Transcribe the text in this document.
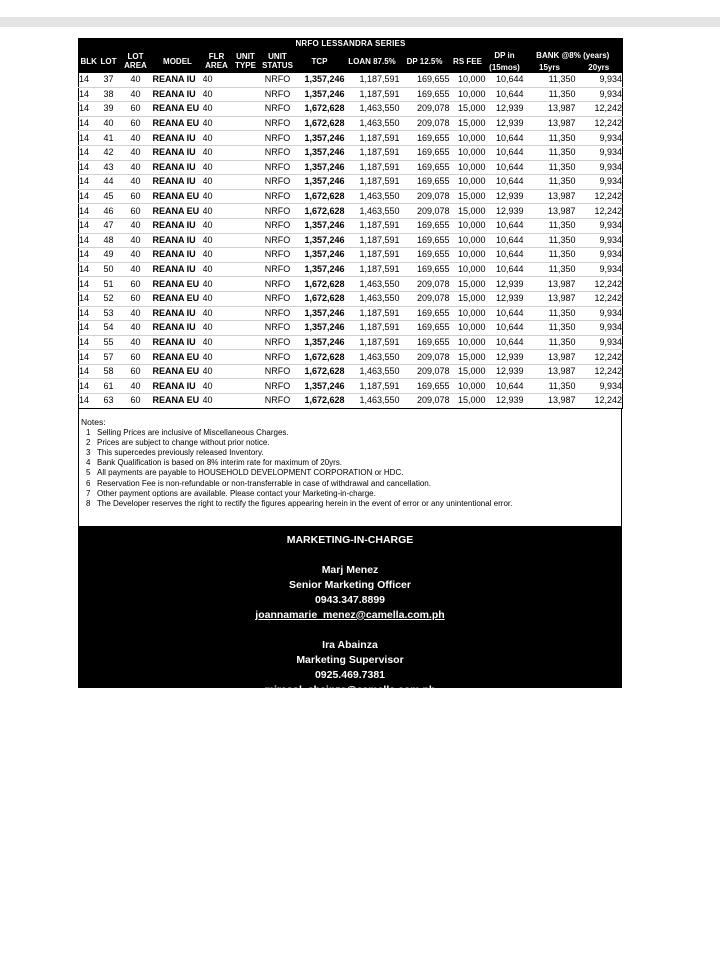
NRFO LESSANDRA SERIES													
BLK	LOT	LOT AREA	MODEL	FLR AREA	UNIT TYPE	UNIT STATUS	TCP	LOAN 87.5%	DP 12.5%	RS FEE	DP in	BANK @8% (years)	
											(15mos)	15yrs	20yrs
14	37	40	REANA IU	40		NRFO	1,357,246	1,187,591	169,655	10,000	10,644	11,350	9,934
14	38	40	REANA IU	40		NRFO	1,357,246	1,187,591	169,655	10,000	10,644	11,350	9,934
14	39	60	REANA EU	40		NRFO	1,672,628	1,463,550	209,078	15,000	12,939	13,987	12,242
14	40	60	REANA EU	40		NRFO	1,672,628	1,463,550	209,078	15,000	12,939	13,987	12,242
14	41	40	REANA IU	40		NRFO	1,357,246	1,187,591	169,655	10,000	10,644	11,350	9,934
14	42	40	REANA IU	40		NRFO	1,357,246	1,187,591	169,655	10,000	10,644	11,350	9,934
14	43	40	REANA IU	40		NRFO	1,357,246	1,187,591	169,655	10,000	10,644	11,350	9,934
14	44	40	REANA IU	40		NRFO	1,357,246	1,187,591	169,655	10,000	10,644	11,350	9,934
14	45	60	REANA EU	40		NRFO	1,672,628	1,463,550	209,078	15,000	12,939	13,987	12,242
14	46	60	REANA EU	40		NRFO	1,672,628	1,463,550	209,078	15,000	12,939	13,987	12,242
14	47	40	REANA IU	40		NRFO	1,357,246	1,187,591	169,655	10,000	10,644	11,350	9,934
14	48	40	REANA IU	40		NRFO	1,357,246	1,187,591	169,655	10,000	10,644	11,350	9,934
14	49	40	REANA IU	40		NRFO	1,357,246	1,187,591	169,655	10,000	10,644	11,350	9,934
14	50	40	REANA IU	40		NRFO	1,357,246	1,187,591	169,655	10,000	10,644	11,350	9,934
14	51	60	REANA EU	40		NRFO	1,672,628	1,463,550	209,078	15,000	12,939	13,987	12,242
14	52	60	REANA EU	40		NRFO	1,672,628	1,463,550	209,078	15,000	12,939	13,987	12,242
14	53	40	REANA IU	40		NRFO	1,357,246	1,187,591	169,655	10,000	10,644	11,350	9,934
14	54	40	REANA IU	40		NRFO	1,357,246	1,187,591	169,655	10,000	10,644	11,350	9,934
14	55	40	REANA IU	40		NRFO	1,357,246	1,187,591	169,655	10,000	10,644	11,350	9,934
14	57	60	REANA EU	40		NRFO	1,672,628	1,463,550	209,078	15,000	12,939	13,987	12,242
14	58	60	REANA EU	40		NRFO	1,672,628	1,463,550	209,078	15,000	12,939	13,987	12,242
14	61	40	REANA IU	40		NRFO	1,357,246	1,187,591	169,655	10,000	10,644	11,350	9,934
14	63	60	REANA EU	40		NRFO	1,672,628	1,463,550	209,078	15,000	12,939	13,987	12,242
Notes:
1 Selling Prices are inclusive of Miscellaneous Charges.
2 Prices are subject to change without prior notice.
3 This supercedes previously released Inventory.
4 Bank Qualification is based on 8% interim rate for maximum of 20yrs.
5 All payments are payable to HOUSEHOLD DEVELOPMENT CORPORATION or HDC.
6 Reservation Fee is non-refundable or non-transferrable in case of withdrawal and cancellation.
7 Other payment options are available. Please contact your Marketing-in-charge.
8 The Developer reserves the right to rectify the figures appearing herein in the event of error or any unintentional error.
MARKETING-IN-CHARGE
Marj Menez
Senior Marketing Officer
0943.347.8899
joannamarie_menez@camella.com.ph
Ira Abainza
Marketing Supervisor
0925.469.7381
mirasol_abainza@camella.com.ph
